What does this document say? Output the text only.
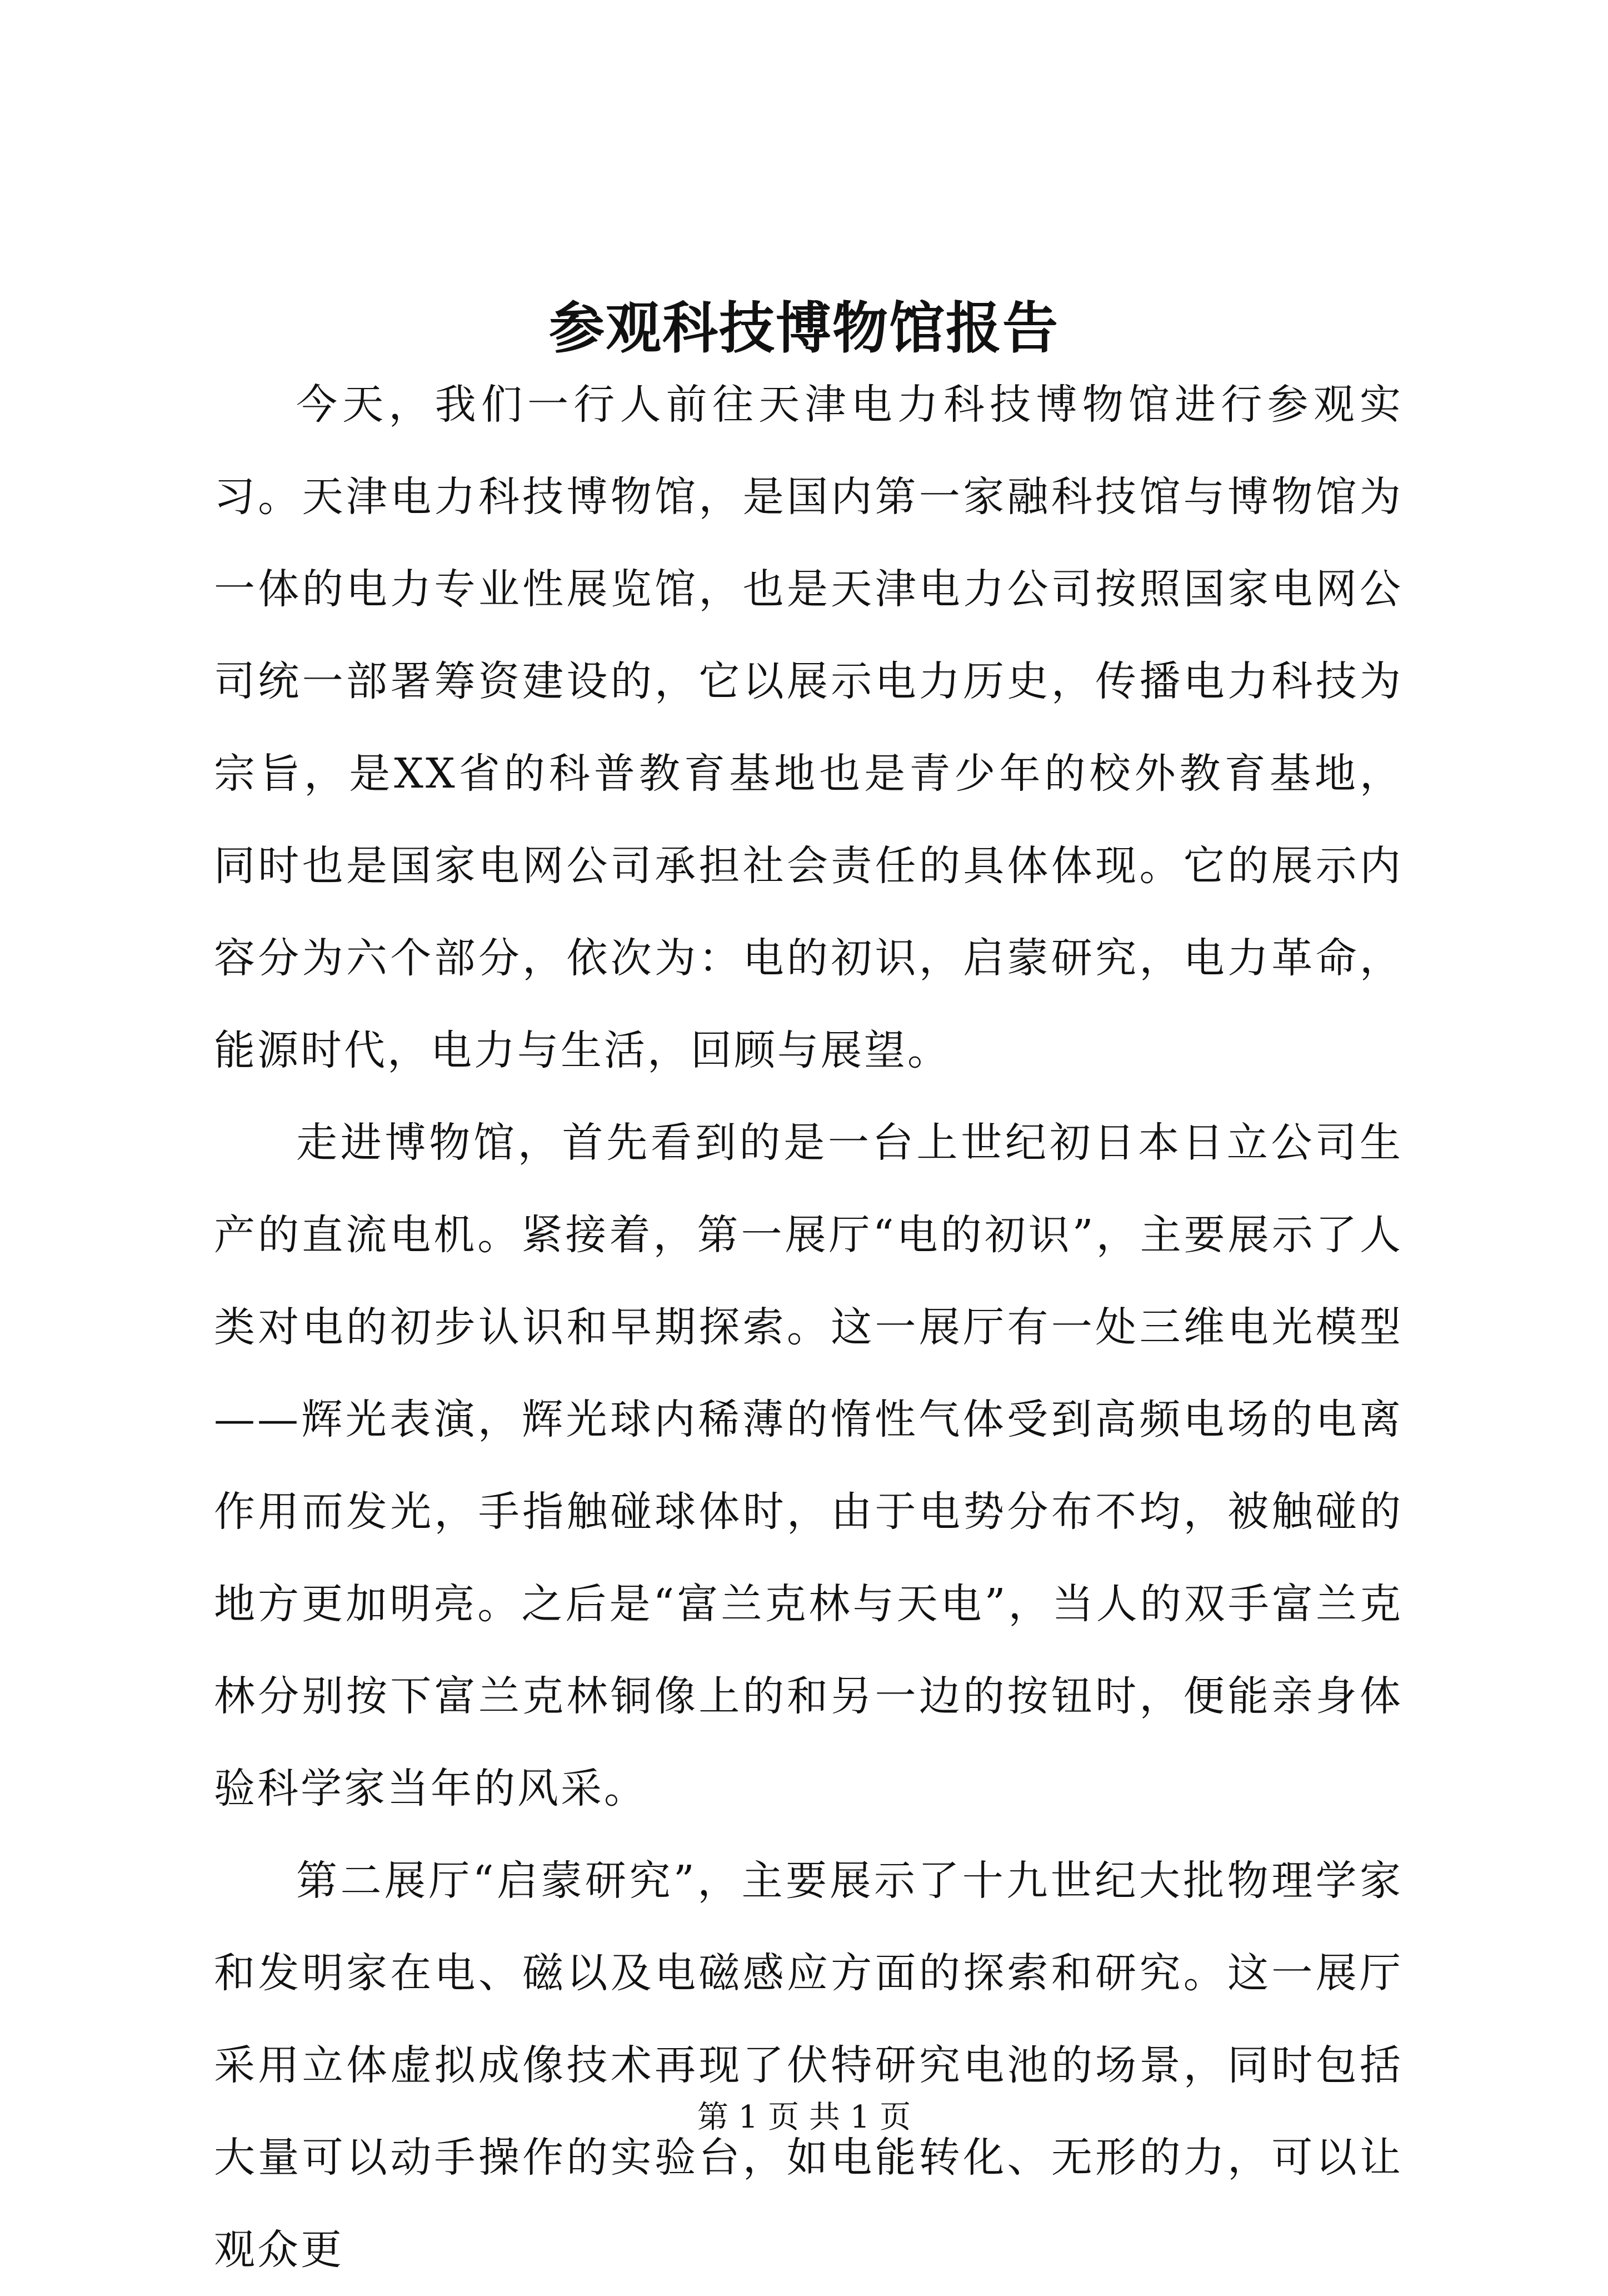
参观科技博物馆报告

今天，我们一行人前往天津电力科技博物馆进行参观实习。天津电力科技博物馆，是国内第一家融科技馆与博物馆为一体的电力专业性展览馆，也是天津电力公司按照国家电网公司统一部署筹资建设的，它以展示电力历史，传播电力科技为宗旨，是XX省的科普教育基地也是青少年的校外教育基地，同时也是国家电网公司承担社会责任的具体体现。它的展示内容分为六个部分，依次为：电的初识，启蒙研究，电力革命，能源时代，电力与生活，回顾与展望。

走进博物馆，首先看到的是一台上世纪初日本日立公司生产的直流电机。紧接着，第一展厅“电的初识”，主要展示了人类对电的初步认识和早期探索。这一展厅有一处三维电光模型——辉光表演，辉光球内稀薄的惰性气体受到高频电场的电离作用而发光，手指触碰球体时，由于电势分布不均，被触碰的地方更加明亮。之后是“富兰克林与天电”，当人的双手富兰克林分别按下富兰克林铜像上的和另一边的按钮时，便能亲身体验科学家当年的风采。

第二展厅“启蒙研究”，主要展示了十九世纪大批物理学家和发明家在电、磁以及电磁感应方面的探索和研究。这一展厅采用立体虚拟成像技术再现了伏特研究电池的场景，同时包括大量可以动手操作的实验台，如电能转化、无形的力，可以让观众更

第 1 页 共 1 页
